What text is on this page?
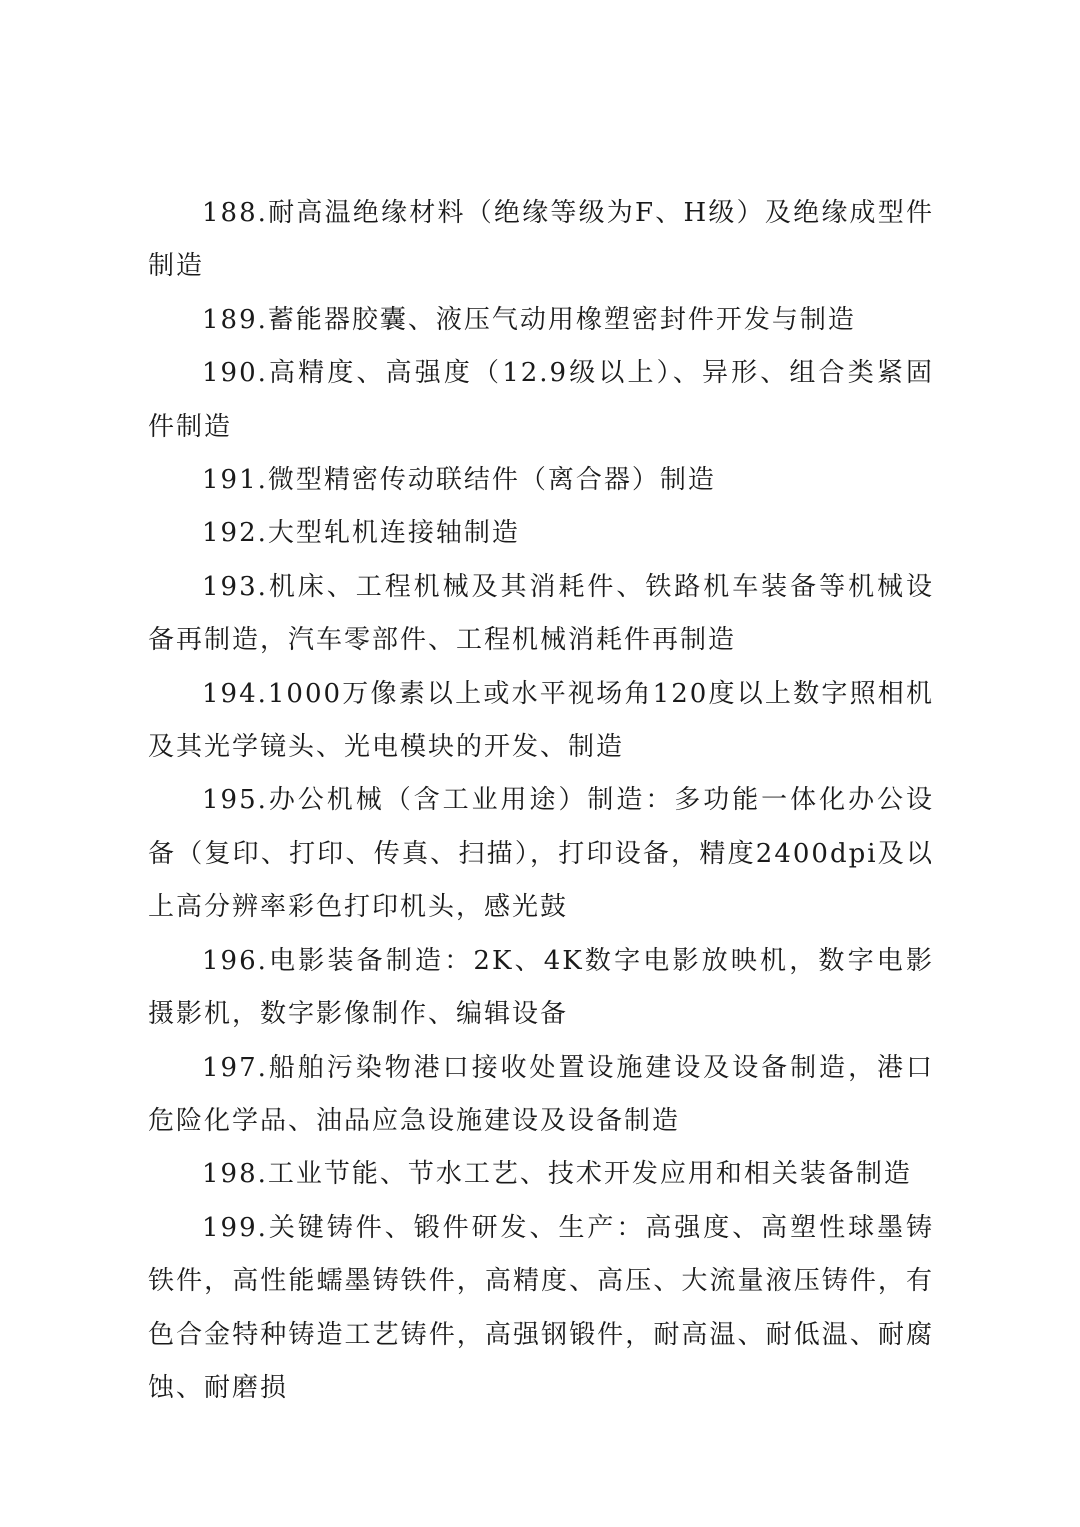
188.耐高温绝缘材料（绝缘等级为F、H级）及绝缘成型件制造

189.蓄能器胶囊、液压气动用橡塑密封件开发与制造

190.高精度、高强度（12.9级以上）、异形、组合类紧固件制造

191.微型精密传动联结件（离合器）制造

192.大型轧机连接轴制造

193.机床、工程机械及其消耗件、铁路机车装备等机械设备再制造，汽车零部件、工程机械消耗件再制造

194.1000万像素以上或水平视场角120度以上数字照相机及其光学镜头、光电模块的开发、制造

195.办公机械（含工业用途）制造：多功能一体化办公设备（复印、打印、传真、扫描），打印设备，精度2400dpi及以上高分辨率彩色打印机头，感光鼓

196.电影装备制造：2K、4K数字电影放映机，数字电影摄影机，数字影像制作、编辑设备

197.船舶污染物港口接收处置设施建设及设备制造，港口危险化学品、油品应急设施建设及设备制造

198.工业节能、节水工艺、技术开发应用和相关装备制造

199.关键铸件、锻件研发、生产：高强度、高塑性球墨铸铁件，高性能蠕墨铸铁件，高精度、高压、大流量液压铸件，有色合金特种铸造工艺铸件，高强钢锻件，耐高温、耐低温、耐腐蚀、耐磨损
